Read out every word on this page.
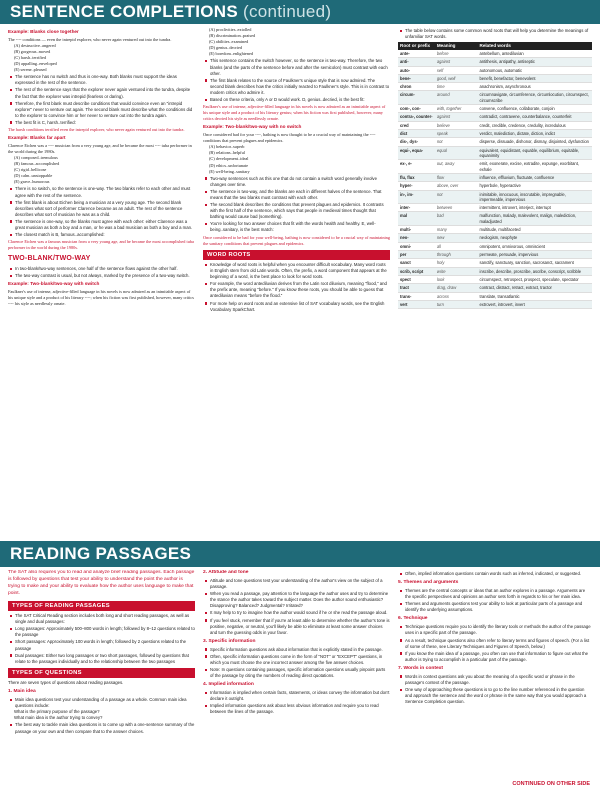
SENTENCE COMPLETIONS
(continued)
Example: Blanks close together
The ---- conditions — even the intrepid explorer, who never again ventured out into the tundra.
(A) destructive..angered
(B) gorgeous..moved
(C) harsh..terrified
(D) appalling..enveloped
(E) serene..pleased
The sentence has no switch and thus is one-way. Both blanks must support the ideas expressed in the rest of the sentence.
The rest of the sentence says that the explorer never again ventured into the tundra, despite the fact that the explorer was intrepid (fearless or daring).
Therefore, the first blank must describe conditions that would convince even an "intrepid explorer" never to venture out again. The second blank must describe what the conditions did to the explorer to convince him or her never to venture out into the tundra again.
The best fit is C, harsh..terrified:
The harsh conditions terrified even the intrepid explorer, who never again ventured out into the tundra.
Example: Blanks far apart
Clarence Eichen was a ---- musician from a very young age, and he became the most ---- tuba performer in the world during the 1980s.
(A) composed..tremulous
(B) famous..accomplished
(C) rigid..bellicose
(D) calm..unstoppable
(E) grave..humorous
There is no switch, so the sentence is one-way. The two blanks refer to each other and must agree with the rest of the sentence.
The first blank is about Eichen being a musician at a very young age. The second blank describes what sort of performer Clarence became as an adult. The rest of the sentence describes what sort of musician he was as a child.
The sentence is one-way, so the blanks must agree with each other: either Clarence was a great musician as both a boy and a man, or he was a bad musician as both a boy and a man.
The closest match is B, famous..accomplished:
Clarence Eichen was a famous musician from a very young age, and he became the most accomplished tuba performer in the world during the 1980s.
TWO-BLANK/TWO-WAY
In two-blank/two-way sentences, one half of the sentence flows against the other half.
The two-way contrast is usual, but not always, marked by the presence of a two-way switch.
Example: Two-blank/two-way with switch
Faulkner's use of intense, adjective-filled language in his novels is now admired as an inimitable aspect of his unique style and a product of his literary ----; when his fiction was first published, however, many critics ---- his style as needlessly ornate.
(A) proclivities..extolled
(B) discrimination..praised
(C) abilities..examined
(D) genius..decried
(E) boredom..enlightened
This sentence contains the switch however, so the sentence is two-way. Therefore, the two blanks (and the parts of the sentence before and after the semicolon) must contrast with each other.
The first blank relates to the source of Faulkner's unique style that is now admired. The second blank describes how the critics initially reacted to Faulkner's style. This is in contrast to modern critics who admire it.
Based on these criteria, only A or D would work. D, genius..decried, is the best fit:
Faulkner's use of intense, adjective-filled language in his novels is now admired as an inimitable aspect of his unique style and a product of his literary genius; when his fiction was first published, however, many critics decried his style as needlessly ornate.
Example: Two-blank/two-way with no switch
Once considered bad for your ----, bathing is now thought to be a crucial way of maintaining the ---- conditions that prevent plagues and epidemics.
(A) behavior..superb
(B) relations..helpful
(C) development..ideal
(D) ethics..unfortunate
(E) well-being..sanitary
Two-way sentences such as this one that do not contain a switch word generally involve changes over time.
The sentence is two-way, and the blanks are each in different halves of the sentence. That means that the two blanks must contrast with each other.
The second blank describes the conditions that prevent plagues and epidemics. It contrasts with the first half of the sentence, which says that people in medieval times thought that bathing would cause bad (something).
You're looking for two answer choices that fit with the words health and healthy. E, well-being..sanitary, is the best match:
Once considered to be bad for your well-being, bathing is now considered to be a crucial way of maintaining the sanitary conditions that prevent plagues and epidemics.
WORD ROOTS
Knowledge of word roots is helpful when you encounter difficult vocabulary. Many word roots in English stem from old Latin words. Often, the prefix, a word component that appears at the beginning of a word, is the best place to look for word roots.
For example, the word antediluvian derives from the Latin root diluvium, meaning "flood," and the prefix ante, meaning "before." If you know these roots, you should be able to guess that antediluvian means "before the flood."
For more help on word roots and an extensive list of SAT vocabulary words, see the English Vocabulary SparkChart.
The table below contains some common word roots that will help you determine the meanings of unfamiliar SAT words.
Root or prefix	Meaning	Related words
ante-	before	antebellum, antediluvian
anti-	against	antithesis, antipathy, antiseptic
auto-	self	autonomous, automatic
bene-	good, well	benefit, benefactor, benevolent
chron	time	anachronism, asynchronous
circum-	around	circumnavigate, circumference, circumlocution, circumspect, circumscribe
com-, con-	with, together	convene, confluence, collaborate, conjoin
contra-, counter-	against	contradict, contravene, counterbalance, counterfeit
cred	believe	credit, credible, credence, credulity, incredulous
dict	speak	verdict, malediction, dictate, diction, indict
dis-, dys-	not	disperse, dissuade, dishonor, dismay, disjointed, dysfunction
equi-, equa-	equal	equivalent, equidistant, equable, equilibrium, equitable, equanimity
ex-, e-	out, away	emit, exonerate, excise, extradite, expunge, exorbitant, exhale
flu, flux	flow	influence, effluvium, fluctuate, confluence
hyper-	above, over	hyperbole, hyperactive
in-, im-	not	inimitable, innocuous, inscrutable, impregnable, impermeable, impervious
inter-	between	intermittent, introvert, interject, interrupt
mal	bad	malfunction, malady, malevolent, malign, malediction, maladjusted
multi-	many	multitude, multifaceted
neo-	new	neologism, neophyte
omni-	all	omnipotent, omnivorous, omniscient
per	through	permeate, persuade, impervious
sanct	holy	sanctify, sanctuary, sanction, sacrosanct, sacrament
scrib, script	write	inscribe, describe, proscribe, ascribe, conscript, scribble
spect	look	circumspect, retrospect, prospect, speculate, spectator
tract	drag, draw	contract, distract, retract, extract, tractor
trans-	across	translate, transatlantic
vert	turn	extrovert, introvert, invert
READING PASSAGES
The SAT also requires you to read and analyze brief reading passages. Each passage is followed by questions that test your ability to understand the point the author is trying to make and your ability to evaluate how the author uses language to make that point.
TYPES OF READING PASSAGES
The SAT Critical Reading section includes both long and short reading passages, as well as single and dual passages:
Long passages: Approximately 500–800 words in length; followed by 8–12 questions related to the passage
Short passages: Approximately 100 words in length; followed by 2 questions related to the passage
Dual passages: Either two long passages or two short passages, followed by questions that relate to the passages individually and to the relationship between the two passages
TYPES OF QUESTIONS
There are seven types of questions about reading passages.
1. Main idea
Main idea questions test your understanding of a passage as a whole. Common main idea questions include:
What is the primary purpose of the passage?
What main idea is the author trying to convey?
The best way to tackle main idea questions is to come up with a one-sentence summary of the passage on your own and then compare that to the answer choices.
2. Attitude and tone
Attitude and tone questions test your understanding of the author's view on the subject of a passage.
When you read a passage, pay attention to the language the author uses and try to determine the stance the author takes toward the subject matter. Does the author sound enthusiastic? Disapproving? Balanced? Judgmental? Irritated?
It may help to try to imagine how the author would sound if he or she read the passage aloud.
If you feel stuck, remember that if you're at least able to determine whether the author's tone is positive, negative, or neutral, you'll likely be able to eliminate at least some answer choices and turn the guessing odds in your favor.
3. Specific information
Specific information questions ask about information that is explicitly stated in the passage.
Often, specific information questions come in the form of "NOT" or "EXCEPT" questions, in which you must choose the one incorrect answer among the five answer choices.
Note: In questions containing passages, specific information questions usually pinpoint parts of the passage by citing the numbers of reading direct quotations.
4. Implied information
Information is implied when certain facts, statements, or ideas convey the information but don't declare it outright.
Implied information questions ask about less obvious information and require you to read between the lines of the passage.
Often, implied information questions contain words such as inferred, indicated, or suggested.
5. Themes and arguments
Themes are the central concepts or ideas that an author explores in a passage. Arguments are the specific perspectives and opinions an author sets forth in regards to his or her main idea.
Themes and arguments questions test your ability to look at particular parts of a passage and identify the underlying assumptions.
6. Technique
Technique questions require you to identify the literary tools or methods the author of the passage uses in a specific part of the passage.
As a result, technique questions also often refer to literary terms and figures of speech. (For a list of some of these, see Literary Techniques and Figures of Speech, below.)
If you know the main idea of a passage, you often can use that information to figure out what the author is trying to accomplish in a particular part of the passage.
7. Words in context
Words in context questions ask you about the meaning of a specific word or phrase in the passage's context of the passage.
One way of approaching these questions is to go to the line number referenced in the question and approach the sentence and the word or phrase in the same way that you would approach a Sentence Completion question.
CONTINUED ON OTHER SIDE
